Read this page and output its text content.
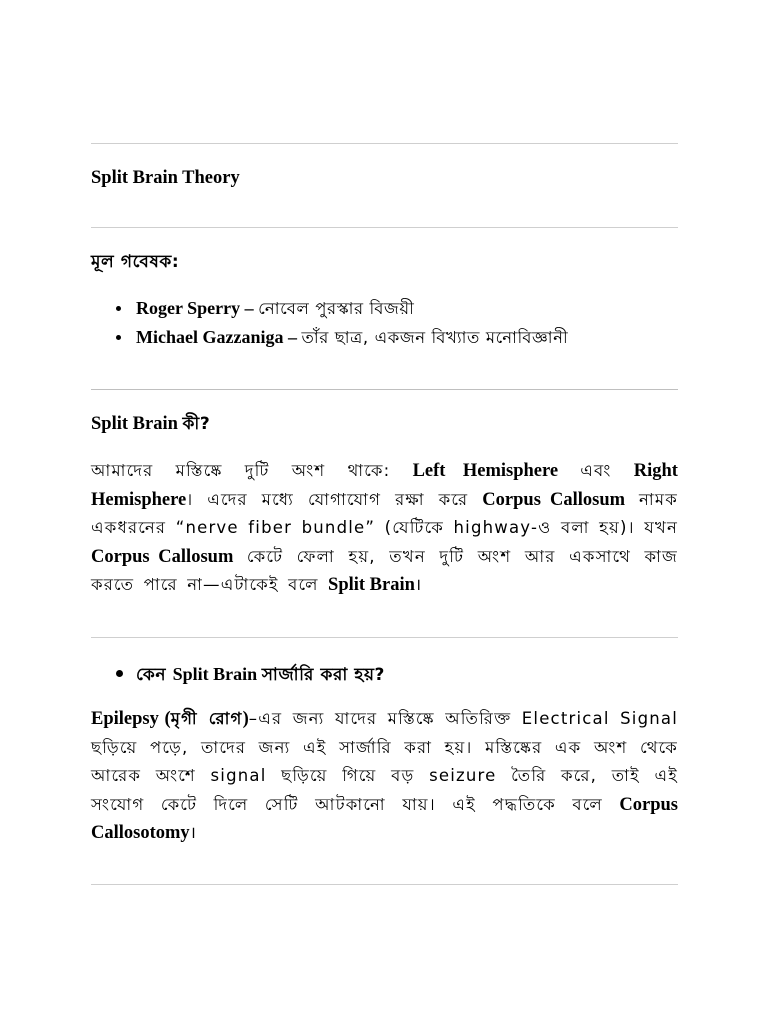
Split Brain Theory
মূল গবেষক:
Roger Sperry – নোবেল পুরস্কার বিজয়ী
Michael Gazzaniga – তাঁর ছাত্র, একজন বিখ্যাত মনোবিজ্ঞানী
Split Brain কী?
আমাদের মস্তিষ্কে দুটি অংশ থাকে: Left Hemisphere এবং Right Hemisphere। এদের মধ্যে যোগাযোগ রক্ষা করে Corpus Callosum নামক একধরনের “nerve fiber bundle” (যেটিকে highway-ও বলা হয়)। যখন Corpus Callosum কেটে ফেলা হয়, তখন দুটি অংশ আর একসাথে কাজ করতে পারে না—এটাকেই বলে Split Brain।
কেন Split Brain সার্জারি করা হয়?
Epilepsy (মৃগী রোগ)–এর জন্য যাদের মস্তিষ্কে অতিরিক্ত Electrical Signal ছড়িয়ে পড়ে, তাদের জন্য এই সার্জারি করা হয়। মস্তিষ্কের এক অংশ থেকে আরেক অংশে signal ছড়িয়ে গিয়ে বড় seizure তৈরি করে, তাই এই সংযোগ কেটে দিলে সেটি আটকানো যায়। এই পদ্ধতিকে বলে Corpus Callosotomy।
